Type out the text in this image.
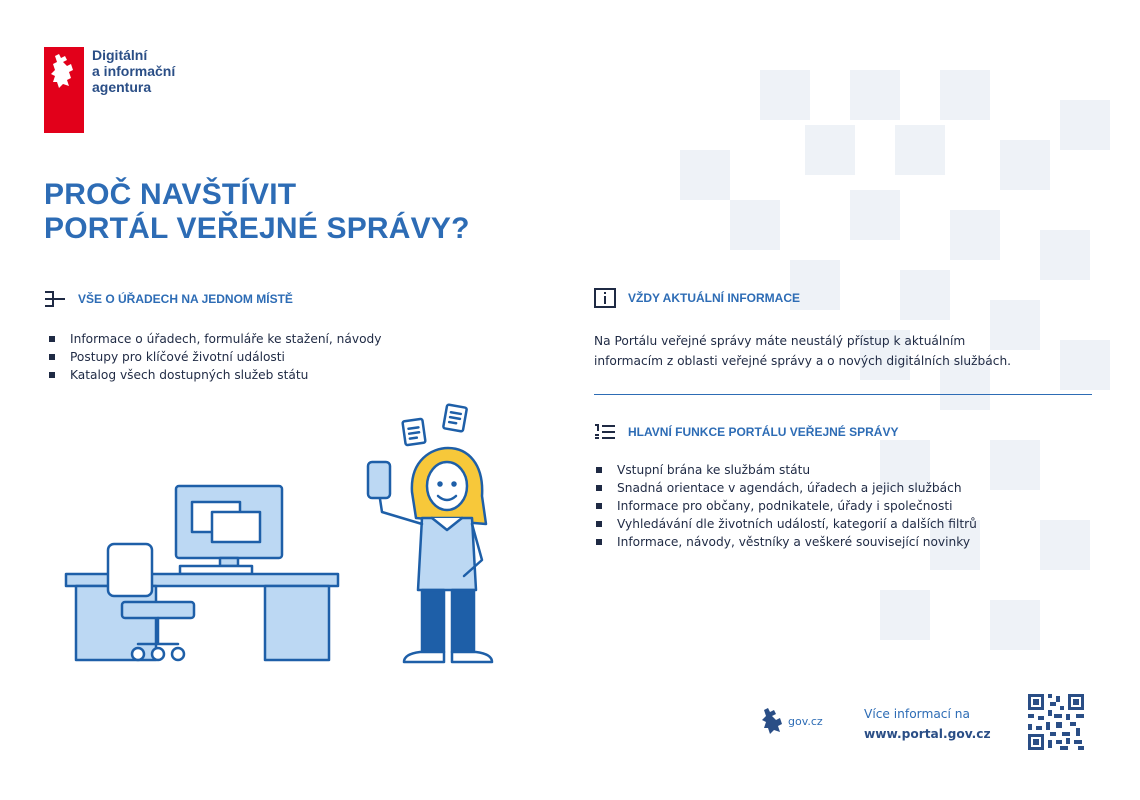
Digitální
a informační
agentura
PROČ NAVŠTÍVIT
PORTÁL VEŘEJNÉ SPRÁVY?
VŠE O ÚŘADECH NA JEDNOM MÍSTĚ
Informace o úřadech, formuláře ke stažení, návody
Postupy pro klíčové životní události
Katalog všech dostupných služeb státu
VŽDY AKTUÁLNÍ INFORMACE
Na Portálu veřejné správy máte neustálý přístup k aktuálním
informacím z oblasti veřejné správy a o nových digitálních službách.
HLAVNÍ FUNKCE PORTÁLU VEŘEJNÉ SPRÁVY
Vstupní brána ke službám státu
Snadná orientace v agendách, úřadech a jejich službách
Informace pro občany, podnikatele, úřady i společnosti
Vyhledávání dle životních událostí, kategorií a dalších filtrů
Informace, návody, věstníky a veškeré související novinky
gov.cz	Více informací na
www.portal.gov.cz
